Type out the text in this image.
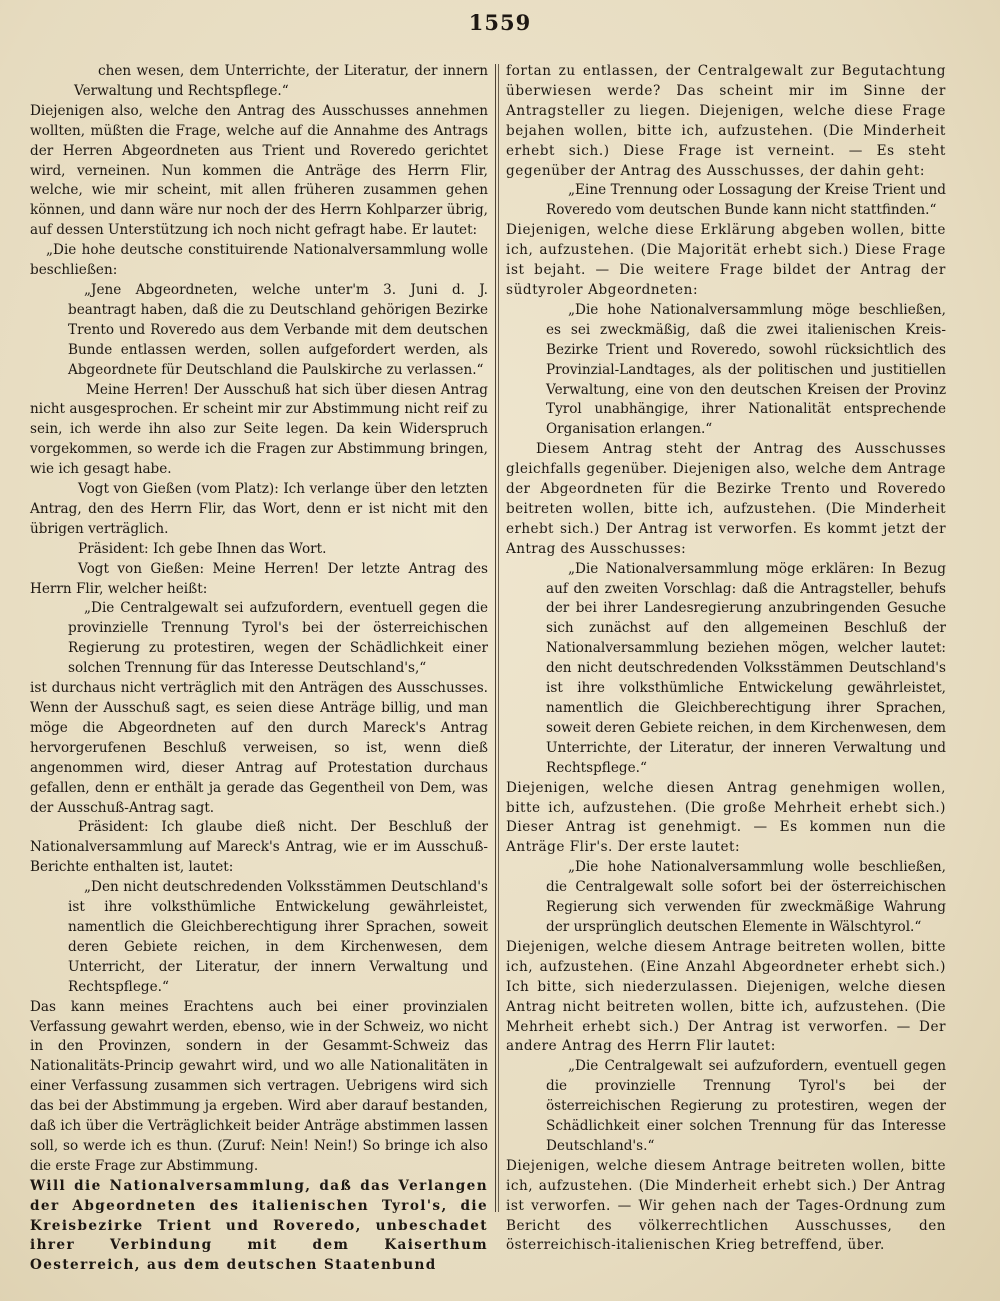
1559

chen wesen, dem Unterrichte, der Literatur, der innern Verwaltung und Rechtspflege.“

Diejenigen also, welche den Antrag des Ausschusses annehmen wollten, müßten die Frage, welche auf die Annahme des Antrags der Herren Abgeordneten aus Trient und Roveredo gerichtet wird, verneinen. Nun kommen die Anträge des Herrn Flir, welche, wie mir scheint, mit allen früheren zusammen gehen können, und dann wäre nur noch der des Herrn Kohlparzer übrig, auf dessen Unterstützung ich noch nicht gefragt habe. Er lautet:

„Die hohe deutsche constituirende Nationalversammlung wolle beschließen:

„Jene Abgeordneten, welche unter'm 3. Juni d. J. beantragt haben, daß die zu Deutschland gehörigen Bezirke Trento und Roveredo aus dem Verbande mit dem deutschen Bunde entlassen werden, sollen aufgefordert werden, als Abgeordnete für Deutschland die Paulskirche zu verlassen.“

Meine Herren! Der Ausschuß hat sich über diesen Antrag nicht ausgesprochen. Er scheint mir zur Abstimmung nicht reif zu sein, ich werde ihn also zur Seite legen. Da kein Widerspruch vorgekommen, so werde ich die Fragen zur Abstimmung bringen, wie ich gesagt habe.

Vogt von Gießen (vom Platz): Ich verlange über den letzten Antrag, den des Herrn Flir, das Wort, denn er ist nicht mit den übrigen verträglich.

Präsident: Ich gebe Ihnen das Wort.

Vogt von Gießen: Meine Herren! Der letzte Antrag des Herrn Flir, welcher heißt:

„Die Centralgewalt sei aufzufordern, eventuell gegen die provinzielle Trennung Tyrol's bei der österreichischen Regierung zu protestiren, wegen der Schädlichkeit einer solchen Trennung für das Interesse Deutschland's,“

ist durchaus nicht verträglich mit den Anträgen des Ausschusses. Wenn der Ausschuß sagt, es seien diese Anträge billig, und man möge die Abgeordneten auf den durch Mareck's Antrag hervorgerufenen Beschluß verweisen, so ist, wenn dieß angenommen wird, dieser Antrag auf Protestation durchaus gefallen, denn er enthält ja gerade das Gegentheil von Dem, was der Ausschuß-Antrag sagt.

Präsident: Ich glaube dieß nicht. Der Beschluß der Nationalversammlung auf Mareck's Antrag, wie er im Ausschuß-Berichte enthalten ist, lautet:

„Den nicht deutschredenden Volksstämmen Deutschland's ist ihre volksthümliche Entwickelung gewährleistet, namentlich die Gleichberechtigung ihrer Sprachen, soweit deren Gebiete reichen, in dem Kirchenwesen, dem Unterricht, der Literatur, der innern Verwaltung und Rechtspflege.“

Das kann meines Erachtens auch bei einer provinzialen Verfassung gewahrt werden, ebenso, wie in der Schweiz, wo nicht in den Provinzen, sondern in der Gesammt-Schweiz das Nationalitäts-Princip gewahrt wird, und wo alle Nationalitäten in einer Verfassung zusammen sich vertragen. Uebrigens wird sich das bei der Abstimmung ja ergeben. Wird aber darauf bestanden, daß ich über die Verträglichkeit beider Anträge abstimmen lassen soll, so werde ich es thun. (Zuruf: Nein! Nein!) So bringe ich also die erste Frage zur Abstimmung.

Will die Nationalversammlung, daß das Verlangen der Abgeordneten des italienischen Tyrol's, die Kreisbezirke Trient und Roveredo, unbeschadet ihrer Verbindung mit dem Kaiserthum Oesterreich, aus dem deutschen Staatenbund

fortan zu entlassen, der Centralgewalt zur Begutachtung überwiesen werde? Das scheint mir im Sinne der Antragsteller zu liegen. Diejenigen, welche diese Frage bejahen wollen, bitte ich, aufzustehen. (Die Minderheit erhebt sich.) Diese Frage ist verneint. — Es steht gegenüber der Antrag des Ausschusses, der dahin geht:

„Eine Trennung oder Lossagung der Kreise Trient und Roveredo vom deutschen Bunde kann nicht stattfinden.“

Diejenigen, welche diese Erklärung abgeben wollen, bitte ich, aufzustehen. (Die Majorität erhebt sich.) Diese Frage ist bejaht. — Die weitere Frage bildet der Antrag der südtyroler Abgeordneten:

„Die hohe Nationalversammlung möge beschließen, es sei zweckmäßig, daß die zwei italienischen Kreis-Bezirke Trient und Roveredo, sowohl rücksichtlich des Provinzial-Landtages, als der politischen und justitiellen Verwaltung, eine von den deutschen Kreisen der Provinz Tyrol unabhängige, ihrer Nationalität entsprechende Organisation erlangen.“

Diesem Antrag steht der Antrag des Ausschusses gleichfalls gegenüber. Diejenigen also, welche dem Antrage der Abgeordneten für die Bezirke Trento und Roveredo beitreten wollen, bitte ich, aufzustehen. (Die Minderheit erhebt sich.) Der Antrag ist verworfen. Es kommt jetzt der Antrag des Ausschusses:

„Die Nationalversammlung möge erklären: In Bezug auf den zweiten Vorschlag: daß die Antragsteller, behufs der bei ihrer Landesregierung anzubringenden Gesuche sich zunächst auf den allgemeinen Beschluß der Nationalversammlung beziehen mögen, welcher lautet: den nicht deutschredenden Volksstämmen Deutschland's ist ihre volksthümliche Entwickelung gewährleistet, namentlich die Gleichberechtigung ihrer Sprachen, soweit deren Gebiete reichen, in dem Kirchenwesen, dem Unterrichte, der Literatur, der inneren Verwaltung und Rechtspflege.“

Diejenigen, welche diesen Antrag genehmigen wollen, bitte ich, aufzustehen. (Die große Mehrheit erhebt sich.) Dieser Antrag ist genehmigt. — Es kommen nun die Anträge Flir's. Der erste lautet:

„Die hohe Nationalversammlung wolle beschließen, die Centralgewalt solle sofort bei der österreichischen Regierung sich verwenden für zweckmäßige Wahrung der ursprünglich deutschen Elemente in Wälschtyrol.“

Diejenigen, welche diesem Antrage beitreten wollen, bitte ich, aufzustehen. (Eine Anzahl Abgeordneter erhebt sich.) Ich bitte, sich niederzulassen. Diejenigen, welche diesen Antrag nicht beitreten wollen, bitte ich, aufzustehen. (Die Mehrheit erhebt sich.) Der Antrag ist verworfen. — Der andere Antrag des Herrn Flir lautet:

„Die Centralgewalt sei aufzufordern, eventuell gegen die provinzielle Trennung Tyrol's bei der österreichischen Regierung zu protestiren, wegen der Schädlichkeit einer solchen Trennung für das Interesse Deutschland's.“

Diejenigen, welche diesem Antrage beitreten wollen, bitte ich, aufzustehen. (Die Minderheit erhebt sich.) Der Antrag ist verworfen. — Wir gehen nach der Tages-Ordnung zum Bericht des völkerrechtlichen Ausschusses, den österreichisch-italienischen Krieg betreffend, über.
